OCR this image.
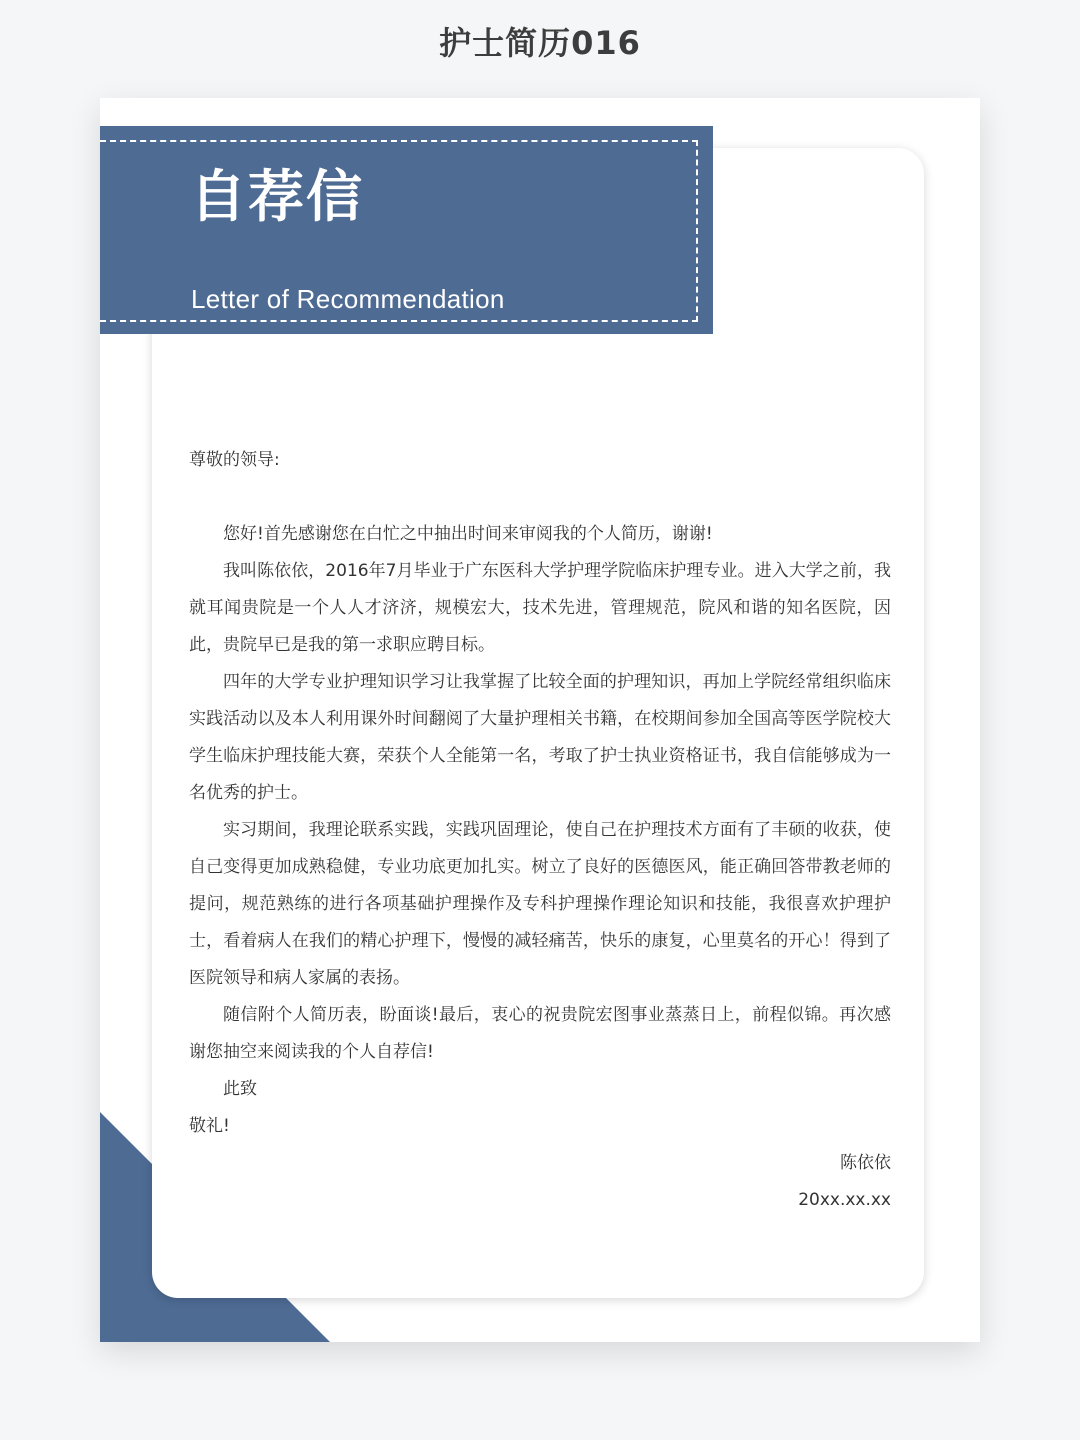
护士简历016
自荐信
Letter of Recommendation
尊敬的领导:

您好!首先感谢您在白忙之中抽出时间来审阅我的个人简历，谢谢!

我叫陈依依，2016年7月毕业于广东医科大学护理学院临床护理专业。进入大学之前，我就耳闻贵院是一个人人才济济，规模宏大，技术先进，管理规范，院风和谐的知名医院，因此，贵院早已是我的第一求职应聘目标。

四年的大学专业护理知识学习让我掌握了比较全面的护理知识，再加上学院经常组织临床实践活动以及本人利用课外时间翻阅了大量护理相关书籍，在校期间参加全国高等医学院校大学生临床护理技能大赛，荣获个人全能第一名，考取了护士执业资格证书，我自信能够成为一名优秀的护士。

实习期间，我理论联系实践，实践巩固理论，使自己在护理技术方面有了丰硕的收获，使自己变得更加成熟稳健，专业功底更加扎实。树立了良好的医德医风，能正确回答带教老师的提问，规范熟练的进行各项基础护理操作及专科护理操作理论知识和技能，我很喜欢护理护士，看着病人在我们的精心护理下，慢慢的减轻痛苦，快乐的康复，心里莫名的开心！得到了医院领导和病人家属的表扬。

随信附个人简历表，盼面谈!最后，衷心的祝贵院宏图事业蒸蒸日上，前程似锦。再次感谢您抽空来阅读我的个人自荐信!

此致

敬礼!

陈依依

20xx.xx.xx
